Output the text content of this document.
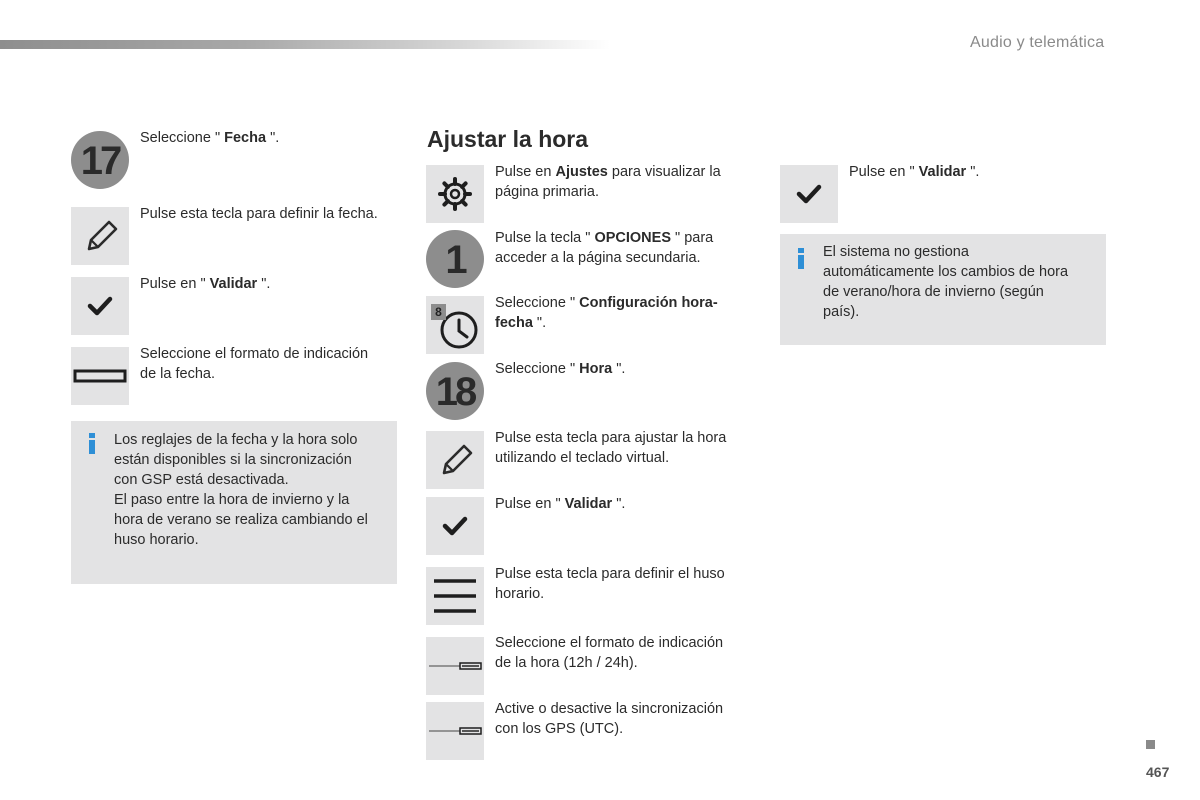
Audio y telemática
17
Seleccione " Fecha ".
Pulse esta tecla para definir la fecha.
Pulse en " Validar ".
Seleccione el formato de indicación
de la fecha.
Los reglajes de la fecha y la hora solo
están disponibles si la sincronización
con GSP está desactivada.
El paso entre la hora de invierno y la
hora de verano se realiza cambiando el
huso horario.
Ajustar la hora
Pulse en Ajustes para visualizar la
página primaria.
1 Pulse la tecla " OPCIONES " para
acceder a la página secundaria.
8
Seleccione " Configuración hora-
fecha ".
18
Seleccione " Hora ".
Pulse esta tecla para ajustar la hora
utilizando el teclado virtual.
Pulse en " Validar ".
Pulse esta tecla para definir el huso
horario.
Seleccione el formato de indicación
de la hora (12h / 24h).
Active o desactive la sincronización
con los GPS (UTC).
Pulse en " Validar ".
El sistema no gestiona
automáticamente los cambios de hora
de verano/hora de invierno (según
país).
467
